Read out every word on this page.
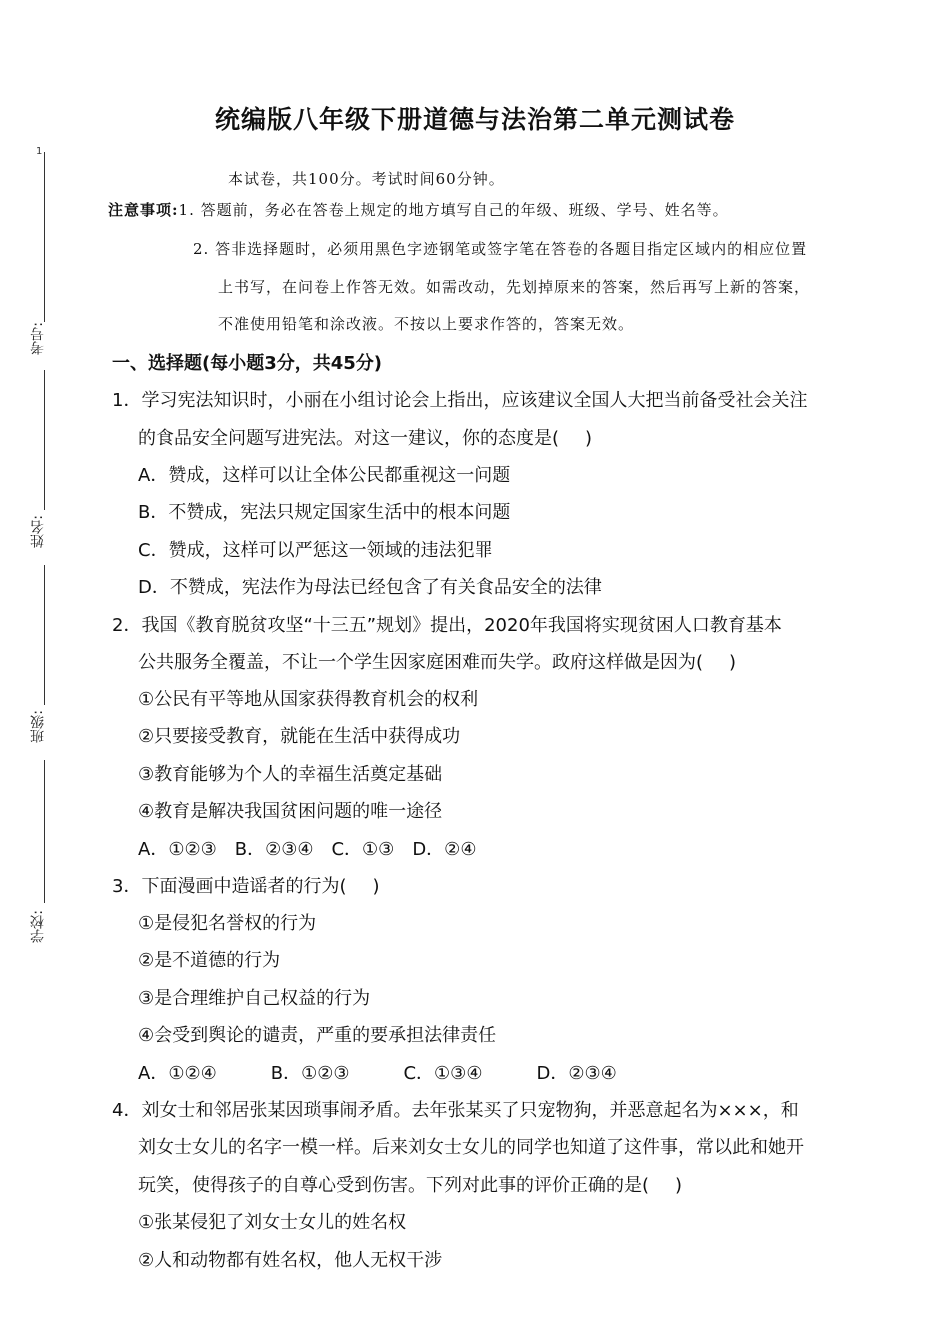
1
考号:
姓名:
班级:
学校:
统编版八年级下册道德与法治第二单元测试卷
本试卷，共100分。考试时间60分钟。
注意事项:1. 答题前，务必在答卷上规定的地方填写自己的年级、班级、学号、姓名等。
2. 答非选择题时，必须用黑色字迹钢笔或签字笔在答卷的各题目指定区域内的相应位置
上书写，在问卷上作答无效。如需改动，先划掉原来的答案，然后再写上新的答案，
不准使用铅笔和涂改液。不按以上要求作答的，答案无效。
一、选择题(每小题3分，共45分)
1．学习宪法知识时，小丽在小组讨论会上指出，应该建议全国人大把当前备受社会关注
的食品安全问题写进宪法。对这一建议，你的态度是( )
A．赞成，这样可以让全体公民都重视这一问题
B．不赞成，宪法只规定国家生活中的根本问题
C．赞成，这样可以严惩这一领域的违法犯罪
D．不赞成，宪法作为母法已经包含了有关食品安全的法律
2．我国《教育脱贫攻坚“十三五”规划》提出，2020年我国将实现贫困人口教育基本
公共服务全覆盖，不让一个学生因家庭困难而失学。政府这样做是因为( )
①公民有平等地从国家获得教育机会的权利
②只要接受教育，就能在生活中获得成功
③教育能够为个人的幸福生活奠定基础
④教育是解决我国贫困问题的唯一途径
A．①②③　B．②③④　C．①③　D．②④
3．下面漫画中造谣者的行为( )
①是侵犯名誉权的行为
②是不道德的行为
③是合理维护自己权益的行为
④会受到舆论的谴责，严重的要承担法律责任
A．①②④　　　B．①②③　　　C．①③④　　　D．②③④
4．刘女士和邻居张某因琐事闹矛盾。去年张某买了只宠物狗，并恶意起名为×××，和
刘女士女儿的名字一模一样。后来刘女士女儿的同学也知道了这件事，常以此和她开
玩笑，使得孩子的自尊心受到伤害。下列对此事的评价正确的是( )
①张某侵犯了刘女士女儿的姓名权
②人和动物都有姓名权，他人无权干涉
